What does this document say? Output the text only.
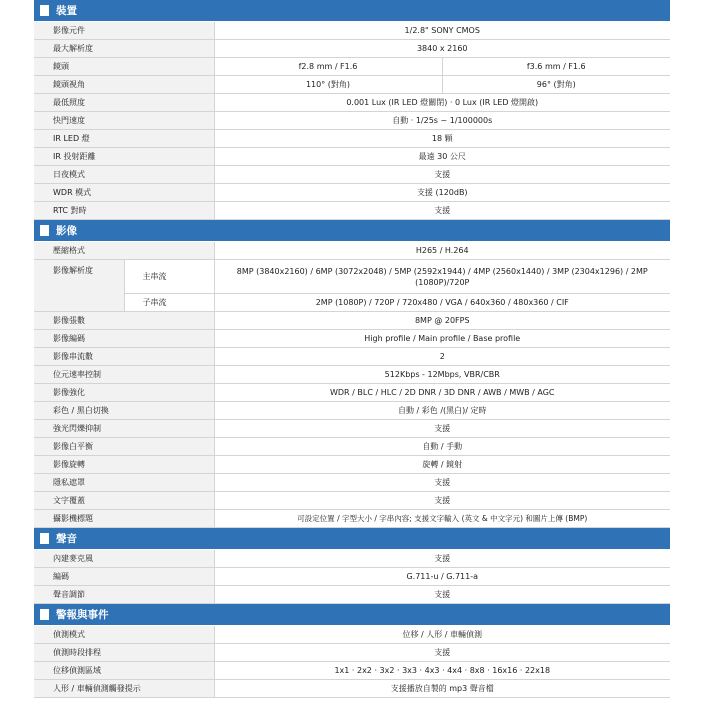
裝置
影像元件	1/2.8" SONY CMOS	
最大解析度	3840 x 2160	
鏡頭	f2.8 mm / F1.6	f3.6 mm / F1.6
鏡頭視角	110° (對角)	96° (對角)
最低照度	0.001 Lux (IR LED 燈關閉) · 0 Lux (IR LED 燈開啟)	
快門速度	自動 · 1/25s ~ 1/100000s	
IR LED 燈	18 顆	
IR 投射距離	最遠 30 公尺	
日夜模式	支援	
WDR 模式	支援 (120dB)	
RTC 對時	支援	
影像
壓縮格式		H265 / H.264
影像解析度	主串流	8MP (3840x2160) / 6MP (3072x2048) / 5MP (2592x1944) / 4MP (2560x1440) / 3MP (2304x1296) / 2MP (1080P)/720P
	子串流	2MP (1080P) / 720P / 720x480 / VGA / 640x360 / 480x360 / CIF
影像張數		8MP @ 20FPS
影像編碼		High profile / Main profile / Base profile
影像串流數		2
位元速率控制		512Kbps - 12Mbps, VBR/CBR
影像強化		WDR / BLC / HLC / 2D DNR / 3D DNR / AWB / MWB / AGC
彩色 / 黑白切換		自動 / 彩色 /(黑白)/ 定時
強光閃爍抑制		支援
影像白平衡		自動 / 手動
影像旋轉		旋轉 / 鏡射
隱私遮罩		支援
文字覆蓋		支援
攝影機標題		可設定位置 / 字型大小 / 字串內容; 支援文字輸入 (英文 & 中文字元) 和圖片上傳 (BMP)
聲音
內建麥克風	支援
編碼	G.711-u / G.711-a
聲音調節	支援
警報與事件
偵測模式	位移 / 人形 / 車輛偵測
偵測時段排程	支援
位移偵測區域	1x1 · 2x2 · 3x2 · 3x3 · 4x3 · 4x4 · 8x8 · 16x16 · 22x18
人形 / 車輛偵測觸發提示	支援播放自製的 mp3 聲音檔
